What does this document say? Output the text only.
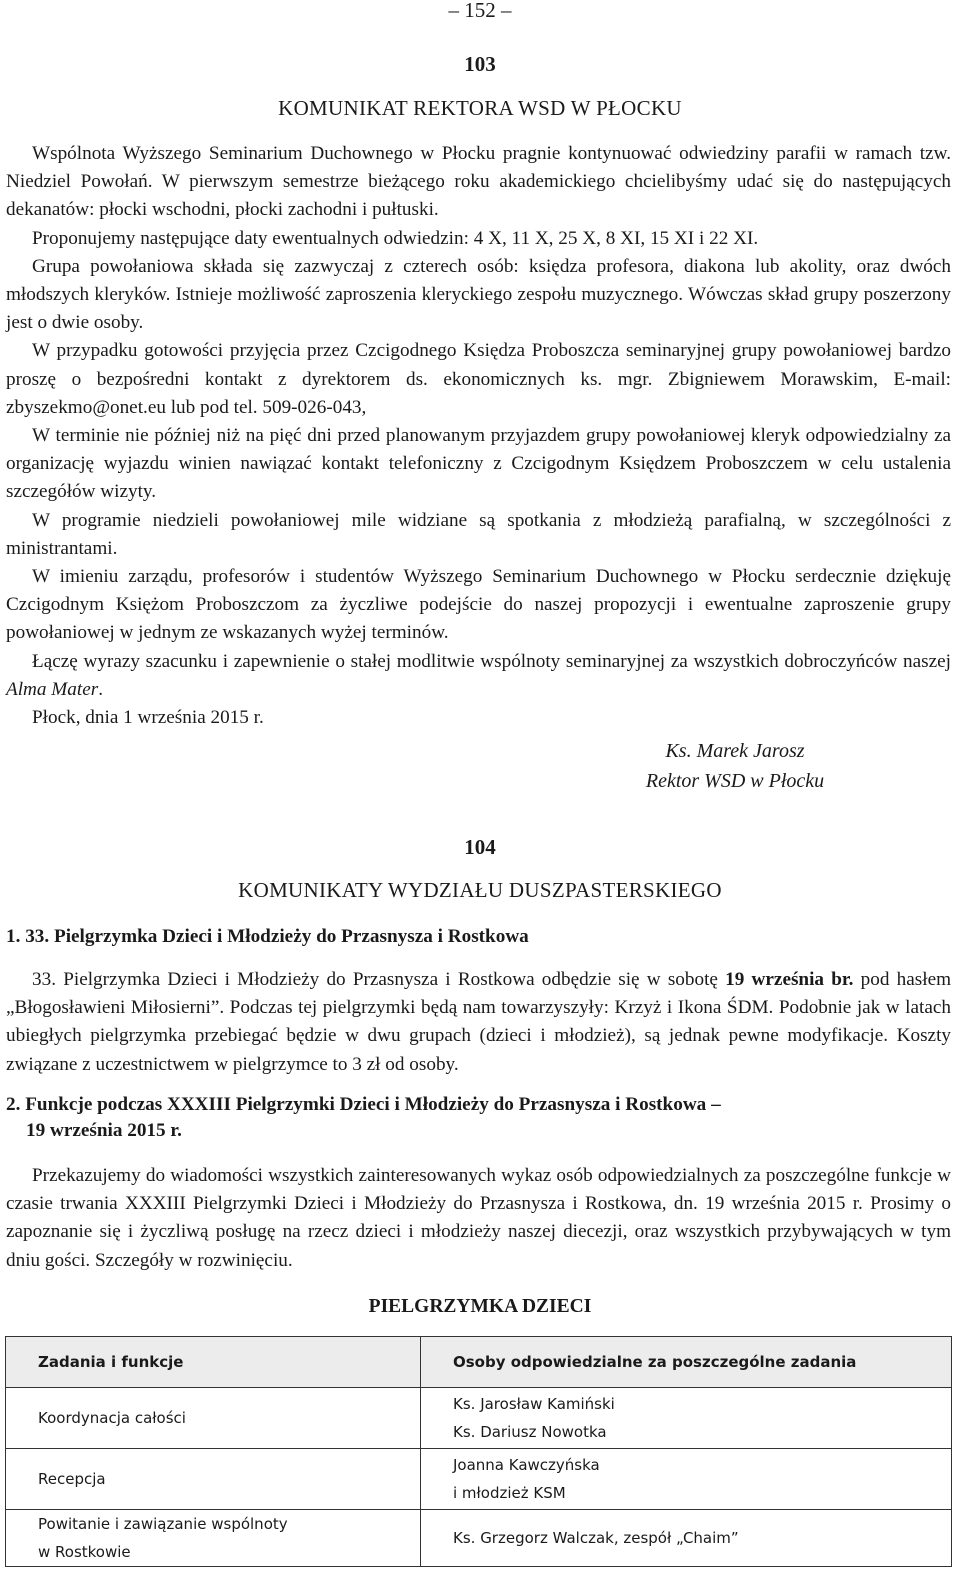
– 152 –
103
KOMUNIKAT REKTORA WSD W PŁOCKU

Wspólnota Wyższego Seminarium Duchownego w Płocku pragnie kontynuować odwiedziny parafii w ramach tzw. Niedziel Powołań. W pierwszym semestrze bieżącego roku akademickiego chcielibyśmy udać się do następujących dekanatów: płocki wschodni, płocki zachodni i pułtuski.

Proponujemy następujące daty ewentualnych odwiedzin: 4 X, 11 X, 25 X, 8 XI, 15 XI i 22 XI.

Grupa powołaniowa składa się zazwyczaj z czterech osób: księdza profesora, diakona lub akolity, oraz dwóch młodszych kleryków. Istnieje możliwość zaproszenia kleryckiego zespołu muzycznego. Wówczas skład grupy poszerzony jest o dwie osoby.

W przypadku gotowości przyjęcia przez Czcigodnego Księdza Proboszcza seminaryjnej grupy powołaniowej bardzo proszę o bezpośredni kontakt z dyrektorem ds. ekonomicznych ks. mgr. Zbigniewem Morawskim, E-mail: zbyszekmo@onet.eu lub pod tel. 509-026-043,

W terminie nie później niż na pięć dni przed planowanym przyjazdem grupy powołaniowej kleryk odpowiedzialny za organizację wyjazdu winien nawiązać kontakt telefoniczny z Czcigodnym Księdzem Proboszczem w celu ustalenia szczegółów wizyty.

W programie niedzieli powołaniowej mile widziane są spotkania z młodzieżą parafialną, w szczególności z ministrantami.

W imieniu zarządu, profesorów i studentów Wyższego Seminarium Duchownego w Płocku serdecznie dziękuję Czcigodnym Księżom Proboszczom za życzliwe podejście do naszej propozycji i ewentualne zaproszenie grupy powołaniowej w jednym ze wskazanych wyżej terminów.

Łączę wyrazy szacunku i zapewnienie o stałej modlitwie wspólnoty seminaryjnej za wszystkich dobroczyńców naszej Alma Mater.

Płock, dnia 1 września 2015 r.

Ks. Marek Jarosz
Rektor WSD w Płocku
104
KOMUNIKATY WYDZIAŁU DUSZPASTERSKIEGO
1. 33. Pielgrzymka Dzieci i Młodzieży do Przasnysza i Rostkowa

33. Pielgrzymka Dzieci i Młodzieży do Przasnysza i Rostkowa odbędzie się w sobotę 19 września br. pod hasłem „Błogosławieni Miłosierni”. Podczas tej pielgrzymki będą nam towarzyszyły: Krzyż i Ikona ŚDM. Podobnie jak w latach ubiegłych pielgrzymka przebiegać będzie w dwu grupach (dzieci i młodzież), są jednak pewne modyfikacje. Koszty związane z uczestnictwem w pielgrzymce to 3 zł od osoby.

2. Funkcje podczas XXXIII Pielgrzymki Dzieci i Młodzieży do Przasnysza i Rostkowa –
19 września 2015 r.

Przekazujemy do wiadomości wszystkich zainteresowanych wykaz osób odpowiedzialnych za poszczególne funkcje w czasie trwania XXXIII Pielgrzymki Dzieci i Młodzieży do Przasnysza i Rostkowa, dn. 19 września 2015 r. Prosimy o zapoznanie się i życzliwą posługę na rzecz dzieci i młodzieży naszej diecezji, oraz wszystkich przybywających w tym dniu gości. Szczegóły w rozwinięciu.

PIELGRZYMKA DZIECI
Zadania i funkcje	Osoby odpowiedzialne za poszczególne zadania

Koordynacja całości	Ks. Jarosław Kamiński
Ks. Dariusz Nowotka

Recepcja	Joanna Kawczyńska
i młodzież KSM

Powitanie i zawiązanie wspólnoty
w Rostkowie	Ks. Grzegorz Walczak, zespół „Chaim”
